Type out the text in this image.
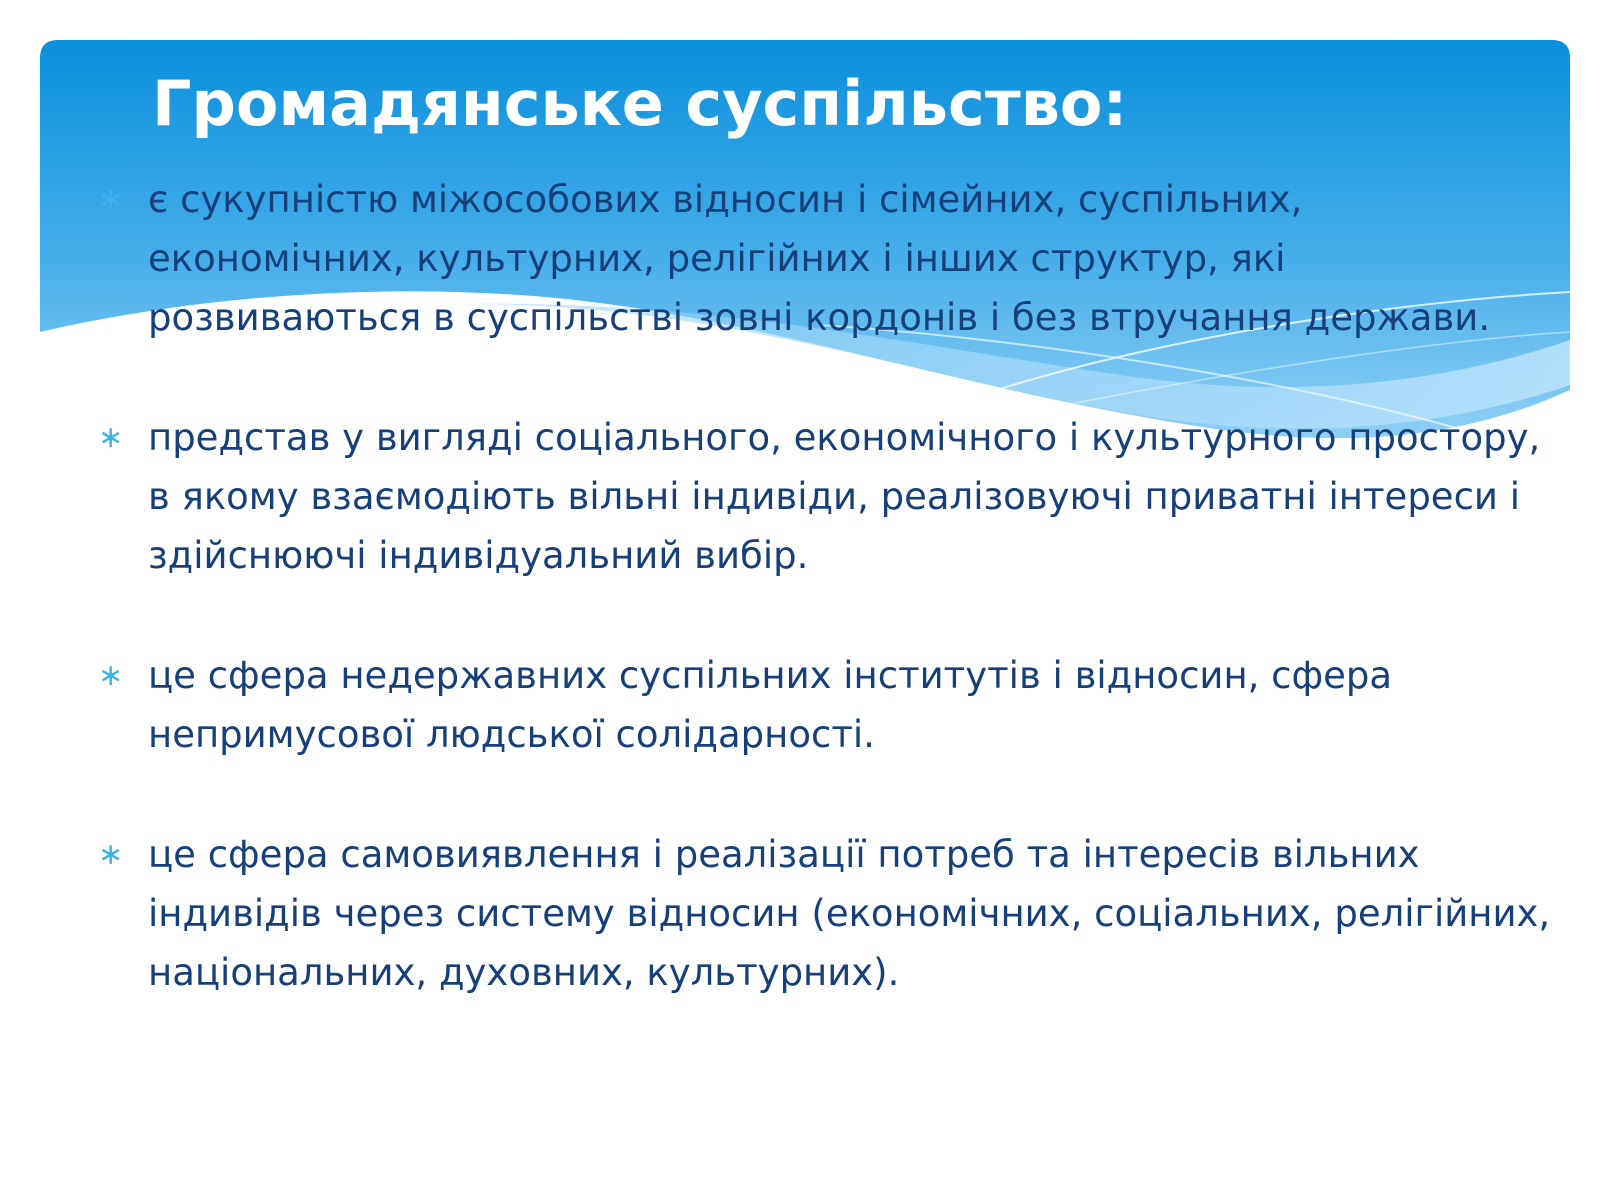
Громадянське суспільство:
∗ є сукупністю міжособових відносин і сімейних, суспільних, економічних, культурних, релігійних і інших структур, які розвиваються в суспільстві зовні кордонів і без втручання держави.
∗ представ у вигляді соціального, економічного і культурного простору, в якому взаємодіють вільні індивіди, реалізовуючі приватні інтереси і здійснюючі індивідуальний вибір.
∗ це сфера недержавних суспільних інститутів і відносин, сфера непримусової людської солідарності.
∗ це сфера самовиявлення і реалізації потреб та інтересів вільних індивідів через систему відносин (економічних, соціальних, релігійних, національних, духовних, культурних).
